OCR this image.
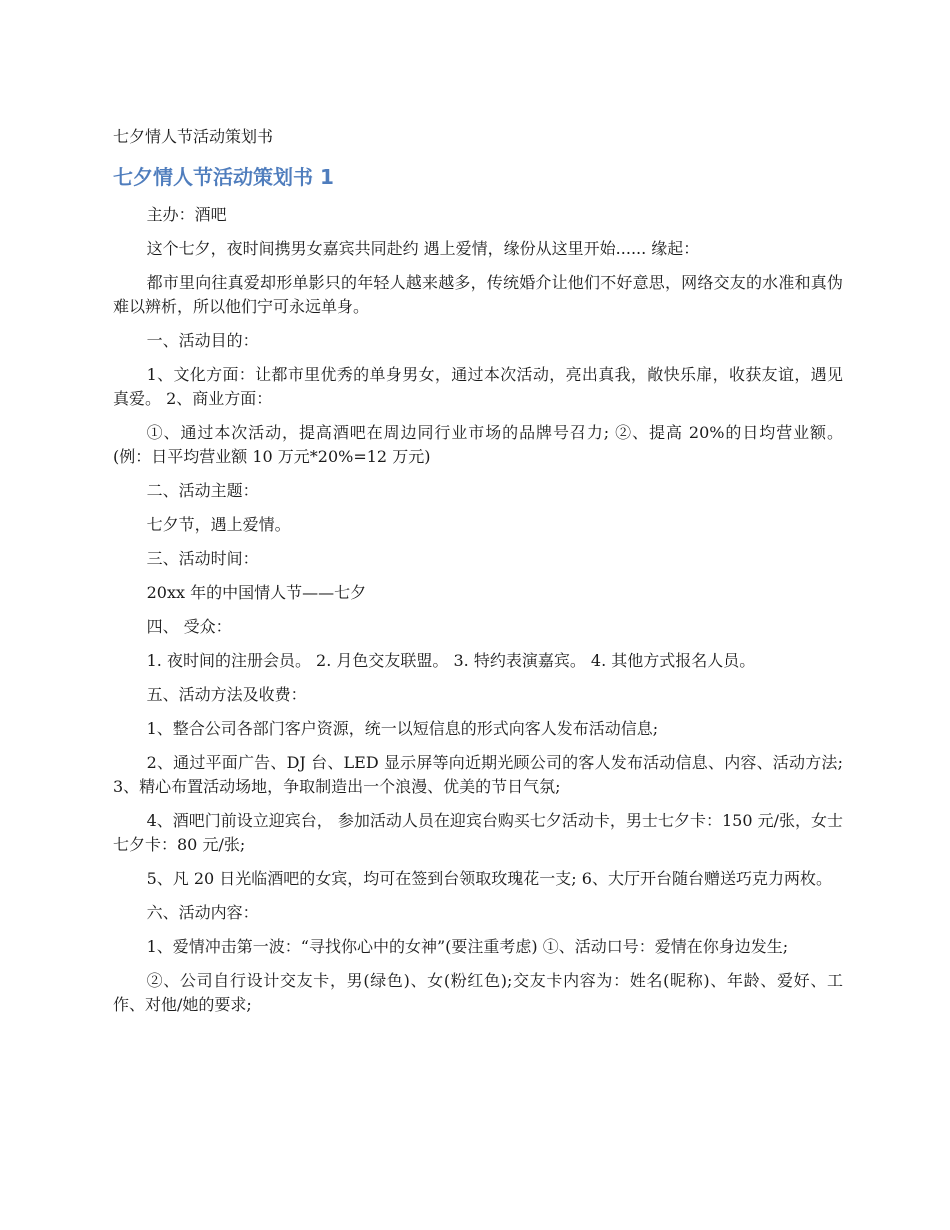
七夕情人节活动策划书
七夕情人节活动策划书 1

主办：酒吧

这个七夕，夜时间携男女嘉宾共同赴约 遇上爱情，缘份从这里开始...... 缘起：

都市里向往真爱却形单影只的年轻人越来越多，传统婚介让他们不好意思，网络交友的水准和真伪难以辨析，所以他们宁可永远单身。

一、活动目的：

1、文化方面：让都市里优秀的单身男女，通过本次活动，亮出真我，敞快乐扉，收获友谊，遇见真爱。 2、商业方面：

①、通过本次活动，提高酒吧在周边同行业市场的品牌号召力; ②、提高 20%的日均营业额。(例：日平均营业额 10 万元*20%=12 万元)

二、活动主题：

七夕节，遇上爱情。

三、活动时间：

20xx 年的中国情人节——七夕

四、 受众：

1. 夜时间的注册会员。 2. 月色交友联盟。 3. 特约表演嘉宾。 4. 其他方式报名人员。

五、活动方法及收费：

1、整合公司各部门客户资源，统一以短信息的形式向客人发布活动信息;

2、通过平面广告、DJ 台、LED 显示屏等向近期光顾公司的客人发布活动信息、内容、活动方法; 3、精心布置活动场地，争取制造出一个浪漫、优美的节日气氛;

4、酒吧门前设立迎宾台， 参加活动人员在迎宾台购买七夕活动卡，男士七夕卡：150 元/张，女士七夕卡：80 元/张;

5、凡 20 日光临酒吧的女宾，均可在签到台领取玫瑰花一支; 6、大厅开台随台赠送巧克力两枚。

六、活动内容：

1、爱情冲击第一波：“寻找你心中的女神”(要注重考虑) ①、活动口号：爱情在你身边发生;

②、公司自行设计交友卡，男(绿色)、女(粉红色);交友卡内容为：姓名(昵称)、年龄、爱好、工作、对他/她的要求;
